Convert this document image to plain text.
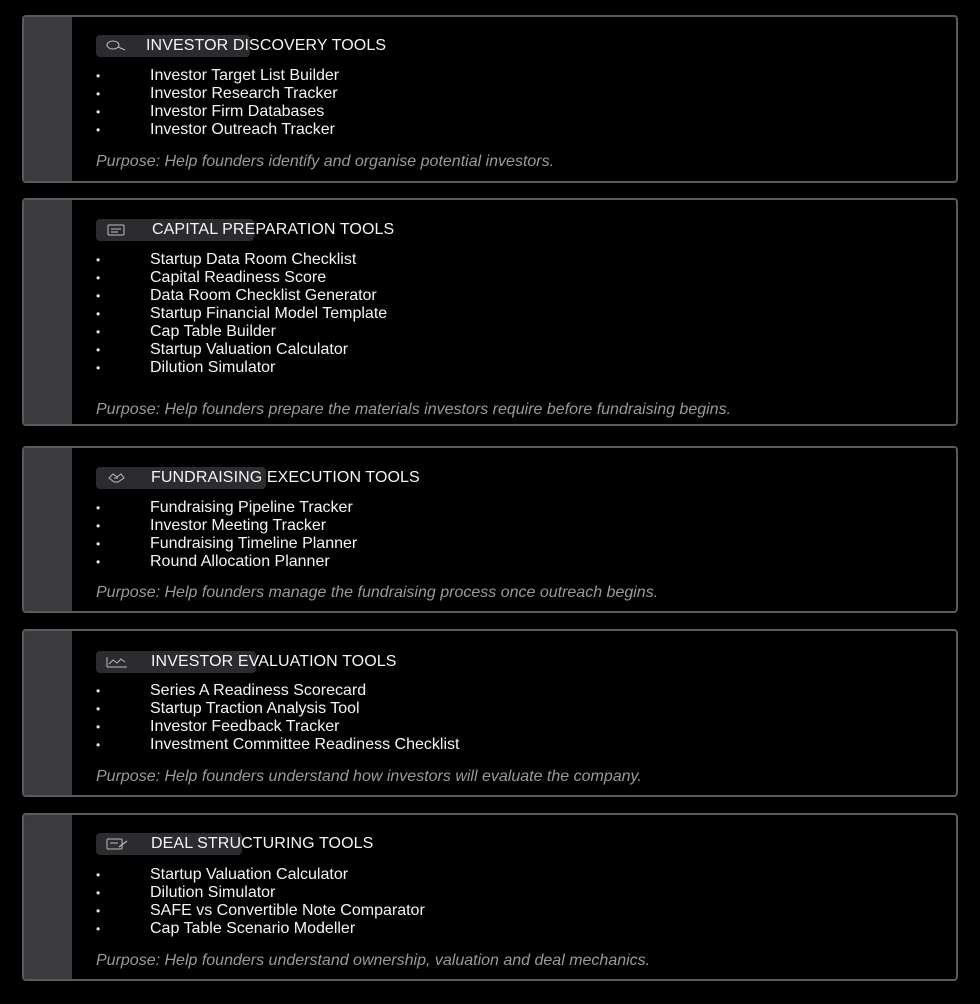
INVESTOR DISCOVERY TOOLS
•	Investor Target List Builder
•	Investor Research Tracker
•	Investor Firm Databases
•	Investor Outreach Tracker
Purpose: Help founders identify and organise potential investors.
CAPITAL PREPARATION TOOLS
•	Startup Data Room Checklist
•	Capital Readiness Score
•	Data Room Checklist Generator
•	Startup Financial Model Template
•	Cap Table Builder
•	Startup Valuation Calculator
•	Dilution Simulator
Purpose: Help founders prepare the materials investors require before fundraising begins.
FUNDRAISING EXECUTION TOOLS
•	Fundraising Pipeline Tracker
•	Investor Meeting Tracker
•	Fundraising Timeline Planner
•	Round Allocation Planner
Purpose: Help founders manage the fundraising process once outreach begins.
INVESTOR EVALUATION TOOLS
•	Series A Readiness Scorecard
•	Startup Traction Analysis Tool
•	Investor Feedback Tracker
•	Investment Committee Readiness Checklist
Purpose: Help founders understand how investors will evaluate the company.
DEAL STRUCTURING TOOLS
•	Startup Valuation Calculator
•	Dilution Simulator
•	SAFE vs Convertible Note Comparator
•	Cap Table Scenario Modeller
Purpose: Help founders understand ownership, valuation and deal mechanics.
